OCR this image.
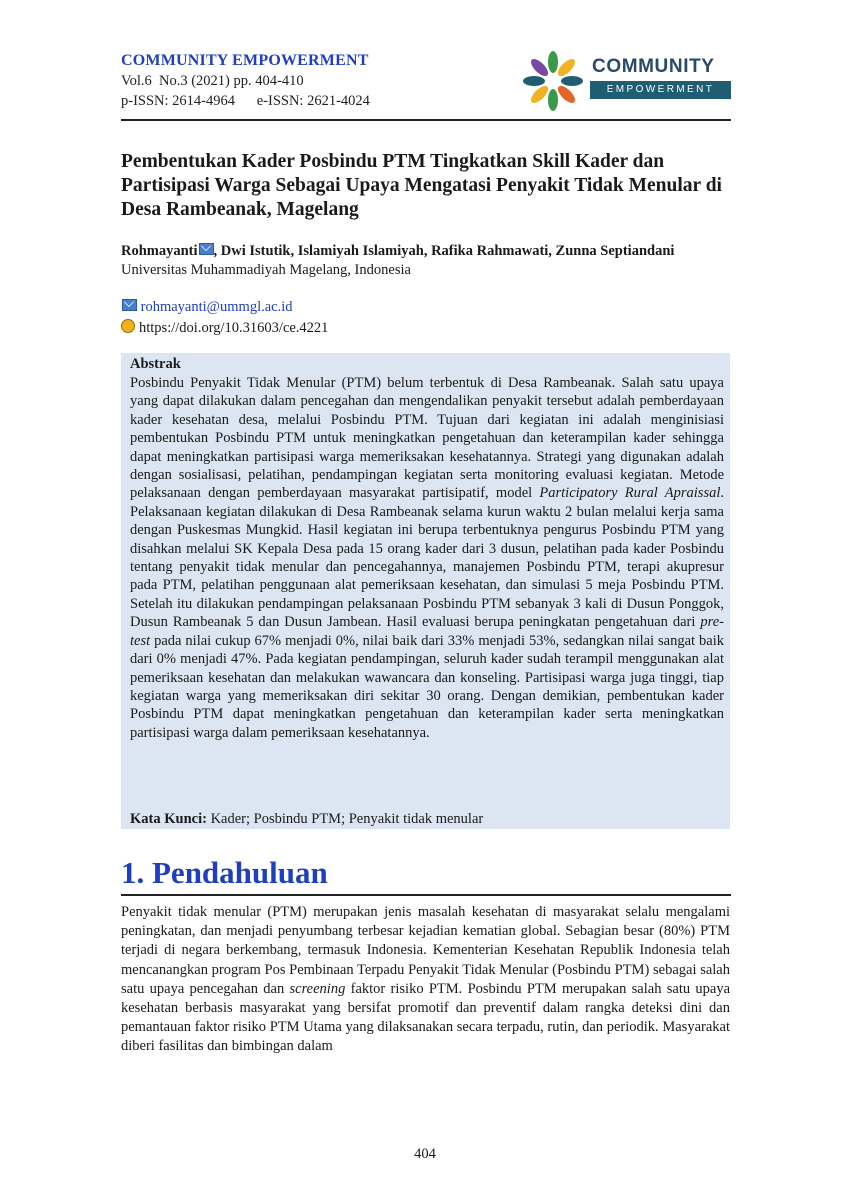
COMMUNITY EMPOWERMENT
Vol.6  No.3 (2021) pp. 404-410
p-ISSN: 2614-4964      e-ISSN: 2621-4024
COMMUNITY
EMPOWERMENT
Pembentukan Kader Posbindu PTM Tingkatkan Skill Kader dan Partisipasi Warga Sebagai Upaya Mengatasi Penyakit Tidak Menular di Desa Rambeanak, Magelang
Rohmayanti , Dwi Istutik, Islamiyah Islamiyah, Rafika Rahmawati, Zunna Septiandani
Universitas Muhammadiyah Magelang, Indonesia
rohmayanti@ummgl.ac.id
https://doi.org/10.31603/ce.4221
Abstrak
Posbindu Penyakit Tidak Menular (PTM) belum terbentuk di Desa Rambeanak. Salah satu upaya yang dapat dilakukan dalam pencegahan dan mengendalikan penyakit tersebut adalah pemberdayaan kader kesehatan desa, melalui Posbindu PTM. Tujuan dari kegiatan ini adalah menginisiasi pembentukan Posbindu PTM untuk meningkatkan pengetahuan dan keterampilan kader sehingga dapat meningkatkan partisipasi warga memeriksakan kesehatannya. Strategi yang digunakan adalah dengan sosialisasi, pelatihan, pendampingan kegiatan serta monitoring evaluasi kegiatan. Metode pelaksanaan dengan pemberdayaan masyarakat partisipatif, model Participatory Rural Apraissal. Pelaksanaan kegiatan dilakukan di Desa Rambeanak selama kurun waktu 2 bulan melalui kerja sama dengan Puskesmas Mungkid. Hasil kegiatan ini berupa terbentuknya pengurus Posbindu PTM yang disahkan melalui SK Kepala Desa pada 15 orang kader dari 3 dusun, pelatihan pada kader Posbindu tentang penyakit tidak menular dan pencegahannya, manajemen Posbindu PTM, terapi akupresur pada PTM, pelatihan penggunaan alat pemeriksaan kesehatan, dan simulasi 5 meja Posbindu PTM. Setelah itu dilakukan pendampingan pelaksanaan Posbindu PTM sebanyak 3 kali di Dusun Ponggok, Dusun Rambeanak 5 dan Dusun Jambean. Hasil evaluasi berupa peningkatan pengetahuan dari pre-test pada nilai cukup 67% menjadi 0%, nilai baik dari 33% menjadi 53%, sedangkan nilai sangat baik dari 0% menjadi 47%. Pada kegiatan pendampingan, seluruh kader sudah terampil menggunakan alat pemeriksaan kesehatan dan melakukan wawancara dan konseling. Partisipasi warga juga tinggi, tiap kegiatan warga yang memeriksakan diri sekitar 30 orang. Dengan demikian, pembentukan kader Posbindu PTM dapat meningkatkan pengetahuan dan keterampilan kader serta meningkatkan partisipasi warga dalam pemeriksaan kesehatannya.
Kata Kunci: Kader; Posbindu PTM; Penyakit tidak menular
1. Pendahuluan
Penyakit tidak menular (PTM) merupakan jenis masalah kesehatan di masyarakat selalu mengalami peningkatan, dan menjadi penyumbang terbesar kejadian kematian global. Sebagian besar (80%) PTM terjadi di negara berkembang, termasuk Indonesia. Kementerian Kesehatan Republik Indonesia telah mencanangkan program Pos Pembinaan Terpadu Penyakit Tidak Menular (Posbindu PTM) sebagai salah satu upaya pencegahan dan screening faktor risiko PTM. Posbindu PTM merupakan salah satu upaya kesehatan berbasis masyarakat yang bersifat promotif dan preventif dalam rangka deteksi dini dan pemantauan faktor risiko PTM Utama yang dilaksanakan secara terpadu, rutin, dan periodik. Masyarakat diberi fasilitas dan bimbingan dalam
404
